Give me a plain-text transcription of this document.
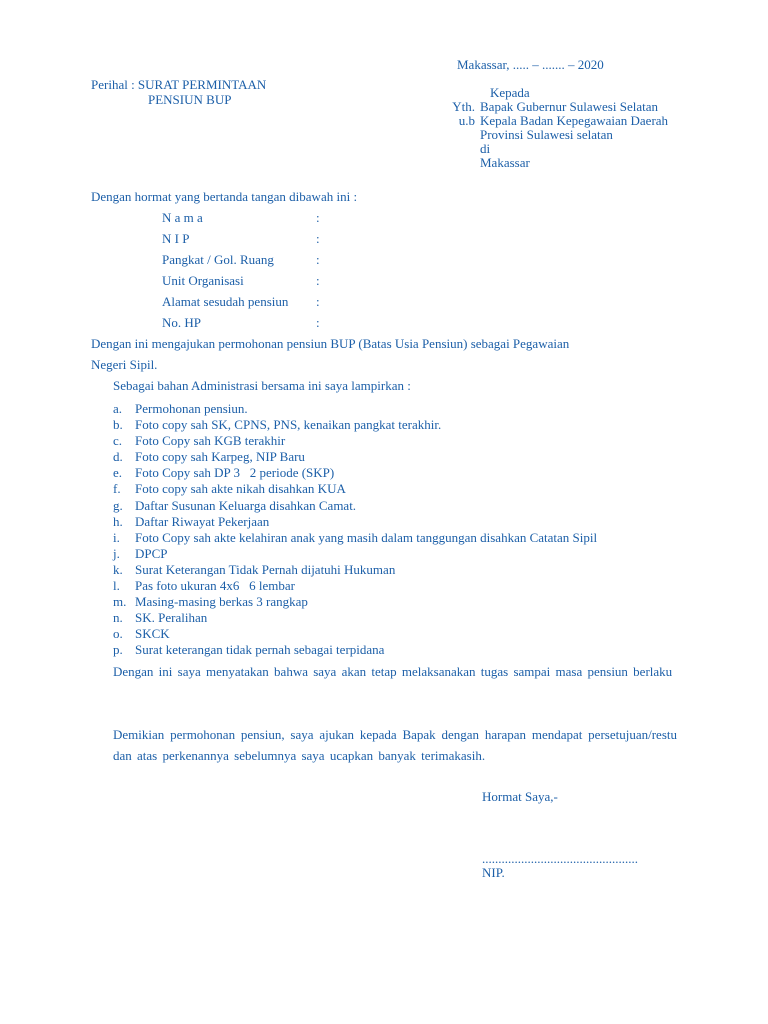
Makassar, ..... – ....... – 2020
Perihal : SURAT PERMINTAAN
PENSIUN BUP	Kepada
Yth. Bapak Gubernur Sulawesi Selatan
u.b Kepala Badan Kepegawaian Daerah
Provinsi Sulawesi selatan
di
Makassar
Dengan hormat yang bertanda tangan dibawah ini :
N a m a	:
N I P	:
Pangkat / Gol. Ruang	:
Unit Organisasi	:
Alamat sesudah pensiun :
No. HP	:
Dengan ini mengajukan permohonan pensiun BUP (Batas Usia Pensiun) sebagai Pegawaian
Negeri Sipil.
Sebagai bahan Administrasi bersama ini saya lampirkan :
a. Permohonan pensiun.
b. Foto copy sah SK, CPNS, PNS, kenaikan pangkat terakhir.
c. Foto Copy sah KGB terakhir
d. Foto copy sah Karpeg, NIP Baru
e. Foto Copy sah DP 3   2 periode (SKP)
f. Foto copy sah akte nikah disahkan KUA
g. Daftar Susunan Keluarga disahkan Camat.
h. Daftar Riwayat Pekerjaan
i. Foto Copy sah akte kelahiran anak yang masih dalam tanggungan disahkan Catatan Sipil
j. DPCP
k. Surat Keterangan Tidak Pernah dijatuhi Hukuman
l. Pas foto ukuran 4x6   6 lembar
m. Masing-masing berkas 3 rangkap
n. SK. Peralihan
o. SKCK
p. Surat keterangan tidak pernah sebagai terpidana
Dengan ini saya menyatakan bahwa saya akan tetap melaksanakan tugas sampai masa pensiun berlaku
Demikian permohonan pensiun, saya ajukan kepada Bapak dengan harapan mendapat persetujuan/restu dan atas perkenannya sebelumnya saya ucapkan banyak terimakasih.
Hormat Saya,-
................................................
NIP.
